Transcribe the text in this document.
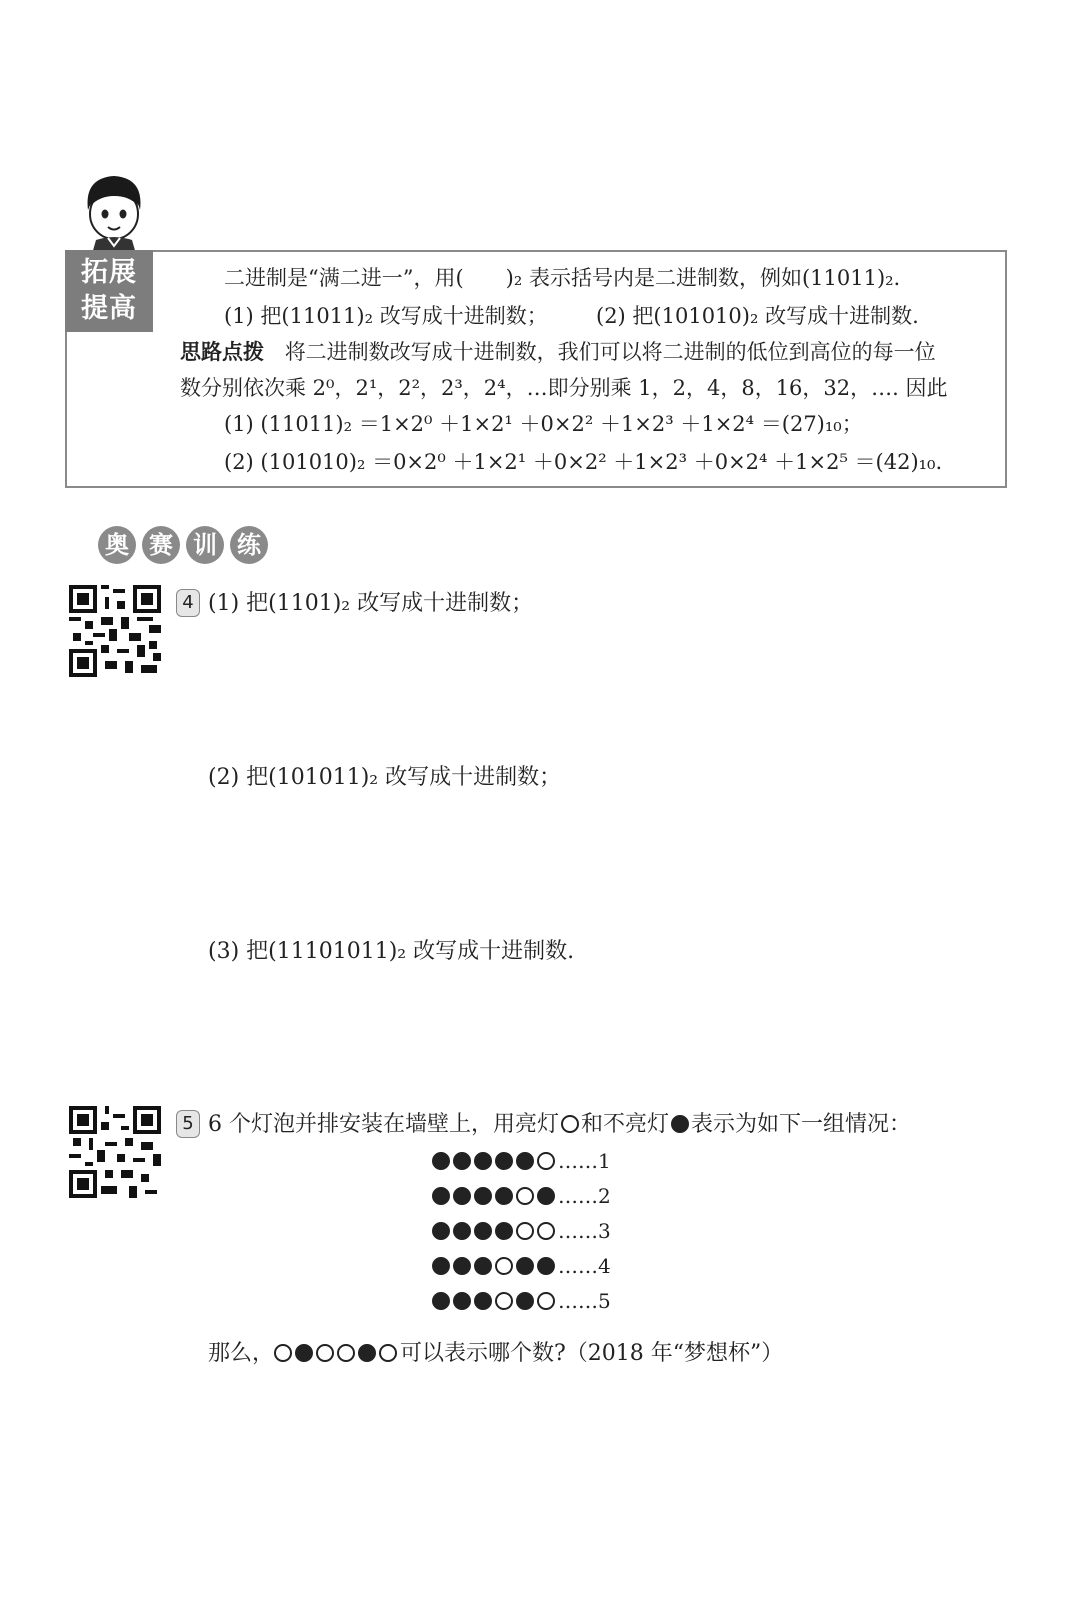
拓展
提高
二进制是“满二进一”，用(　　)₂ 表示括号内是二进制数，例如(11011)₂.
(1) 把(11011)₂ 改写成十进制数； (2) 把(101010)₂ 改写成十进制数.
思路点拨 将二进制数改写成十进制数，我们可以将二进制的低位到高位的每一位
数分别依次乘 2⁰，2¹，2²，2³，2⁴，…即分别乘 1，2，4，8，16，32，…. 因此
(1) (11011)₂ ＝1×2⁰ ＋1×2¹ ＋0×2² ＋1×2³ ＋1×2⁴ ＝(27)₁₀；
(2) (101010)₂ ＝0×2⁰ ＋1×2¹ ＋0×2² ＋1×2³ ＋0×2⁴ ＋1×2⁵ ＝(42)₁₀.
奥 赛 训 练
4 (1) 把(1101)₂ 改写成十进制数；
(2) 把(101011)₂ 改写成十进制数；
(3) 把(11101011)₂ 改写成十进制数.
5 6 个灯泡并排安装在墙壁上，用亮灯 和不亮灯 表示为如下一组情况：
……1
……2
……3
……4
……5
那么，	可以表示哪个数?（2018 年“梦想杯”）
